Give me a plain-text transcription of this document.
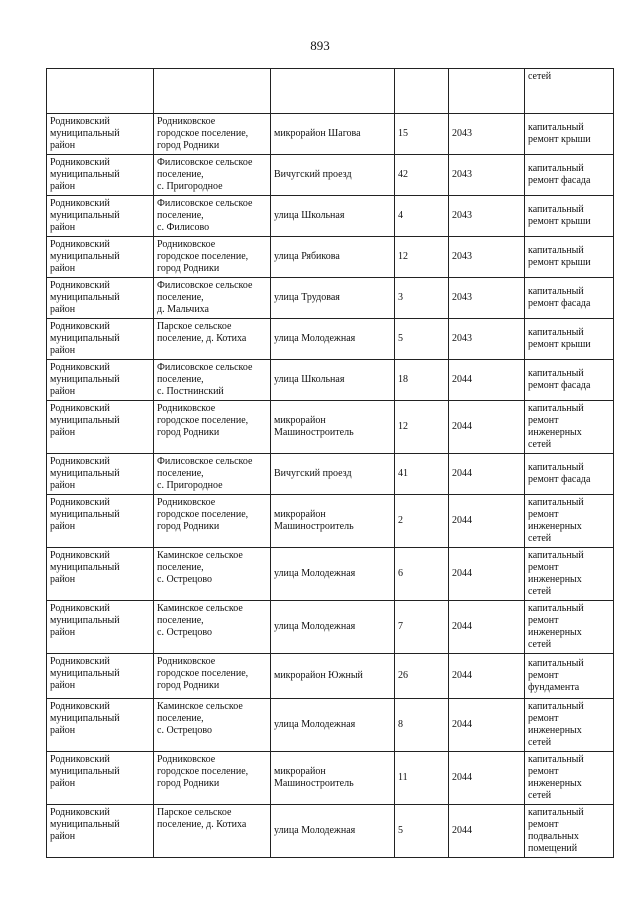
893
					сетей
Родниковский
муниципальный
район	Родниковское
городское поселение,
город Родники	микрорайон Шагова	15	2043	капитальный
ремонт крыши
Родниковский
муниципальный
район	Филисовское сельское
поселение,
с. Пригородное	Вичугский проезд	42	2043	капитальный
ремонт фасада
Родниковский
муниципальный
район	Филисовское сельское
поселение,
с. Филисово	улица Школьная	4	2043	капитальный
ремонт крыши
Родниковский
муниципальный
район	Родниковское
городское поселение,
город Родники	улица Рябикова	12	2043	капитальный
ремонт крыши
Родниковский
муниципальный
район	Филисовское сельское
поселение,
д. Мальчиха	улица Трудовая	3	2043	капитальный
ремонт фасада
Родниковский
муниципальный
район	Парское сельское
поселение, д. Котиха	улица Молодежная	5	2043	капитальный
ремонт крыши
Родниковский
муниципальный
район	Филисовское сельское
поселение,
с. Постнинский	улица Школьная	18	2044	капитальный
ремонт фасада
Родниковский
муниципальный
район	Родниковское
городское поселение,
город Родники	микрорайон
Машиностроитель	12	2044	капитальный
ремонт
инженерных
сетей
Родниковский
муниципальный
район	Филисовское сельское
поселение,
с. Пригородное	Вичугский проезд	41	2044	капитальный
ремонт фасада
Родниковский
муниципальный
район	Родниковское
городское поселение,
город Родники	микрорайон
Машиностроитель	2	2044	капитальный
ремонт
инженерных
сетей
Родниковский
муниципальный
район	Каминское сельское
поселение,
с. Острецово	улица Молодежная	6	2044	капитальный
ремонт
инженерных
сетей
Родниковский
муниципальный
район	Каминское сельское
поселение,
с. Острецово	улица Молодежная	7	2044	капитальный
ремонт
инженерных
сетей
Родниковский
муниципальный
район	Родниковское
городское поселение,
город Родники	микрорайон Южный	26	2044	капитальный
ремонт
фундамента
Родниковский
муниципальный
район	Каминское сельское
поселение,
с. Острецово	улица Молодежная	8	2044	капитальный
ремонт
инженерных
сетей
Родниковский
муниципальный
район	Родниковское
городское поселение,
город Родники	микрорайон
Машиностроитель	11	2044	капитальный
ремонт
инженерных
сетей
Родниковский
муниципальный
район	Парское сельское
поселение, д. Котиха	улица Молодежная	5	2044	капитальный
ремонт
подвальных
помещений
